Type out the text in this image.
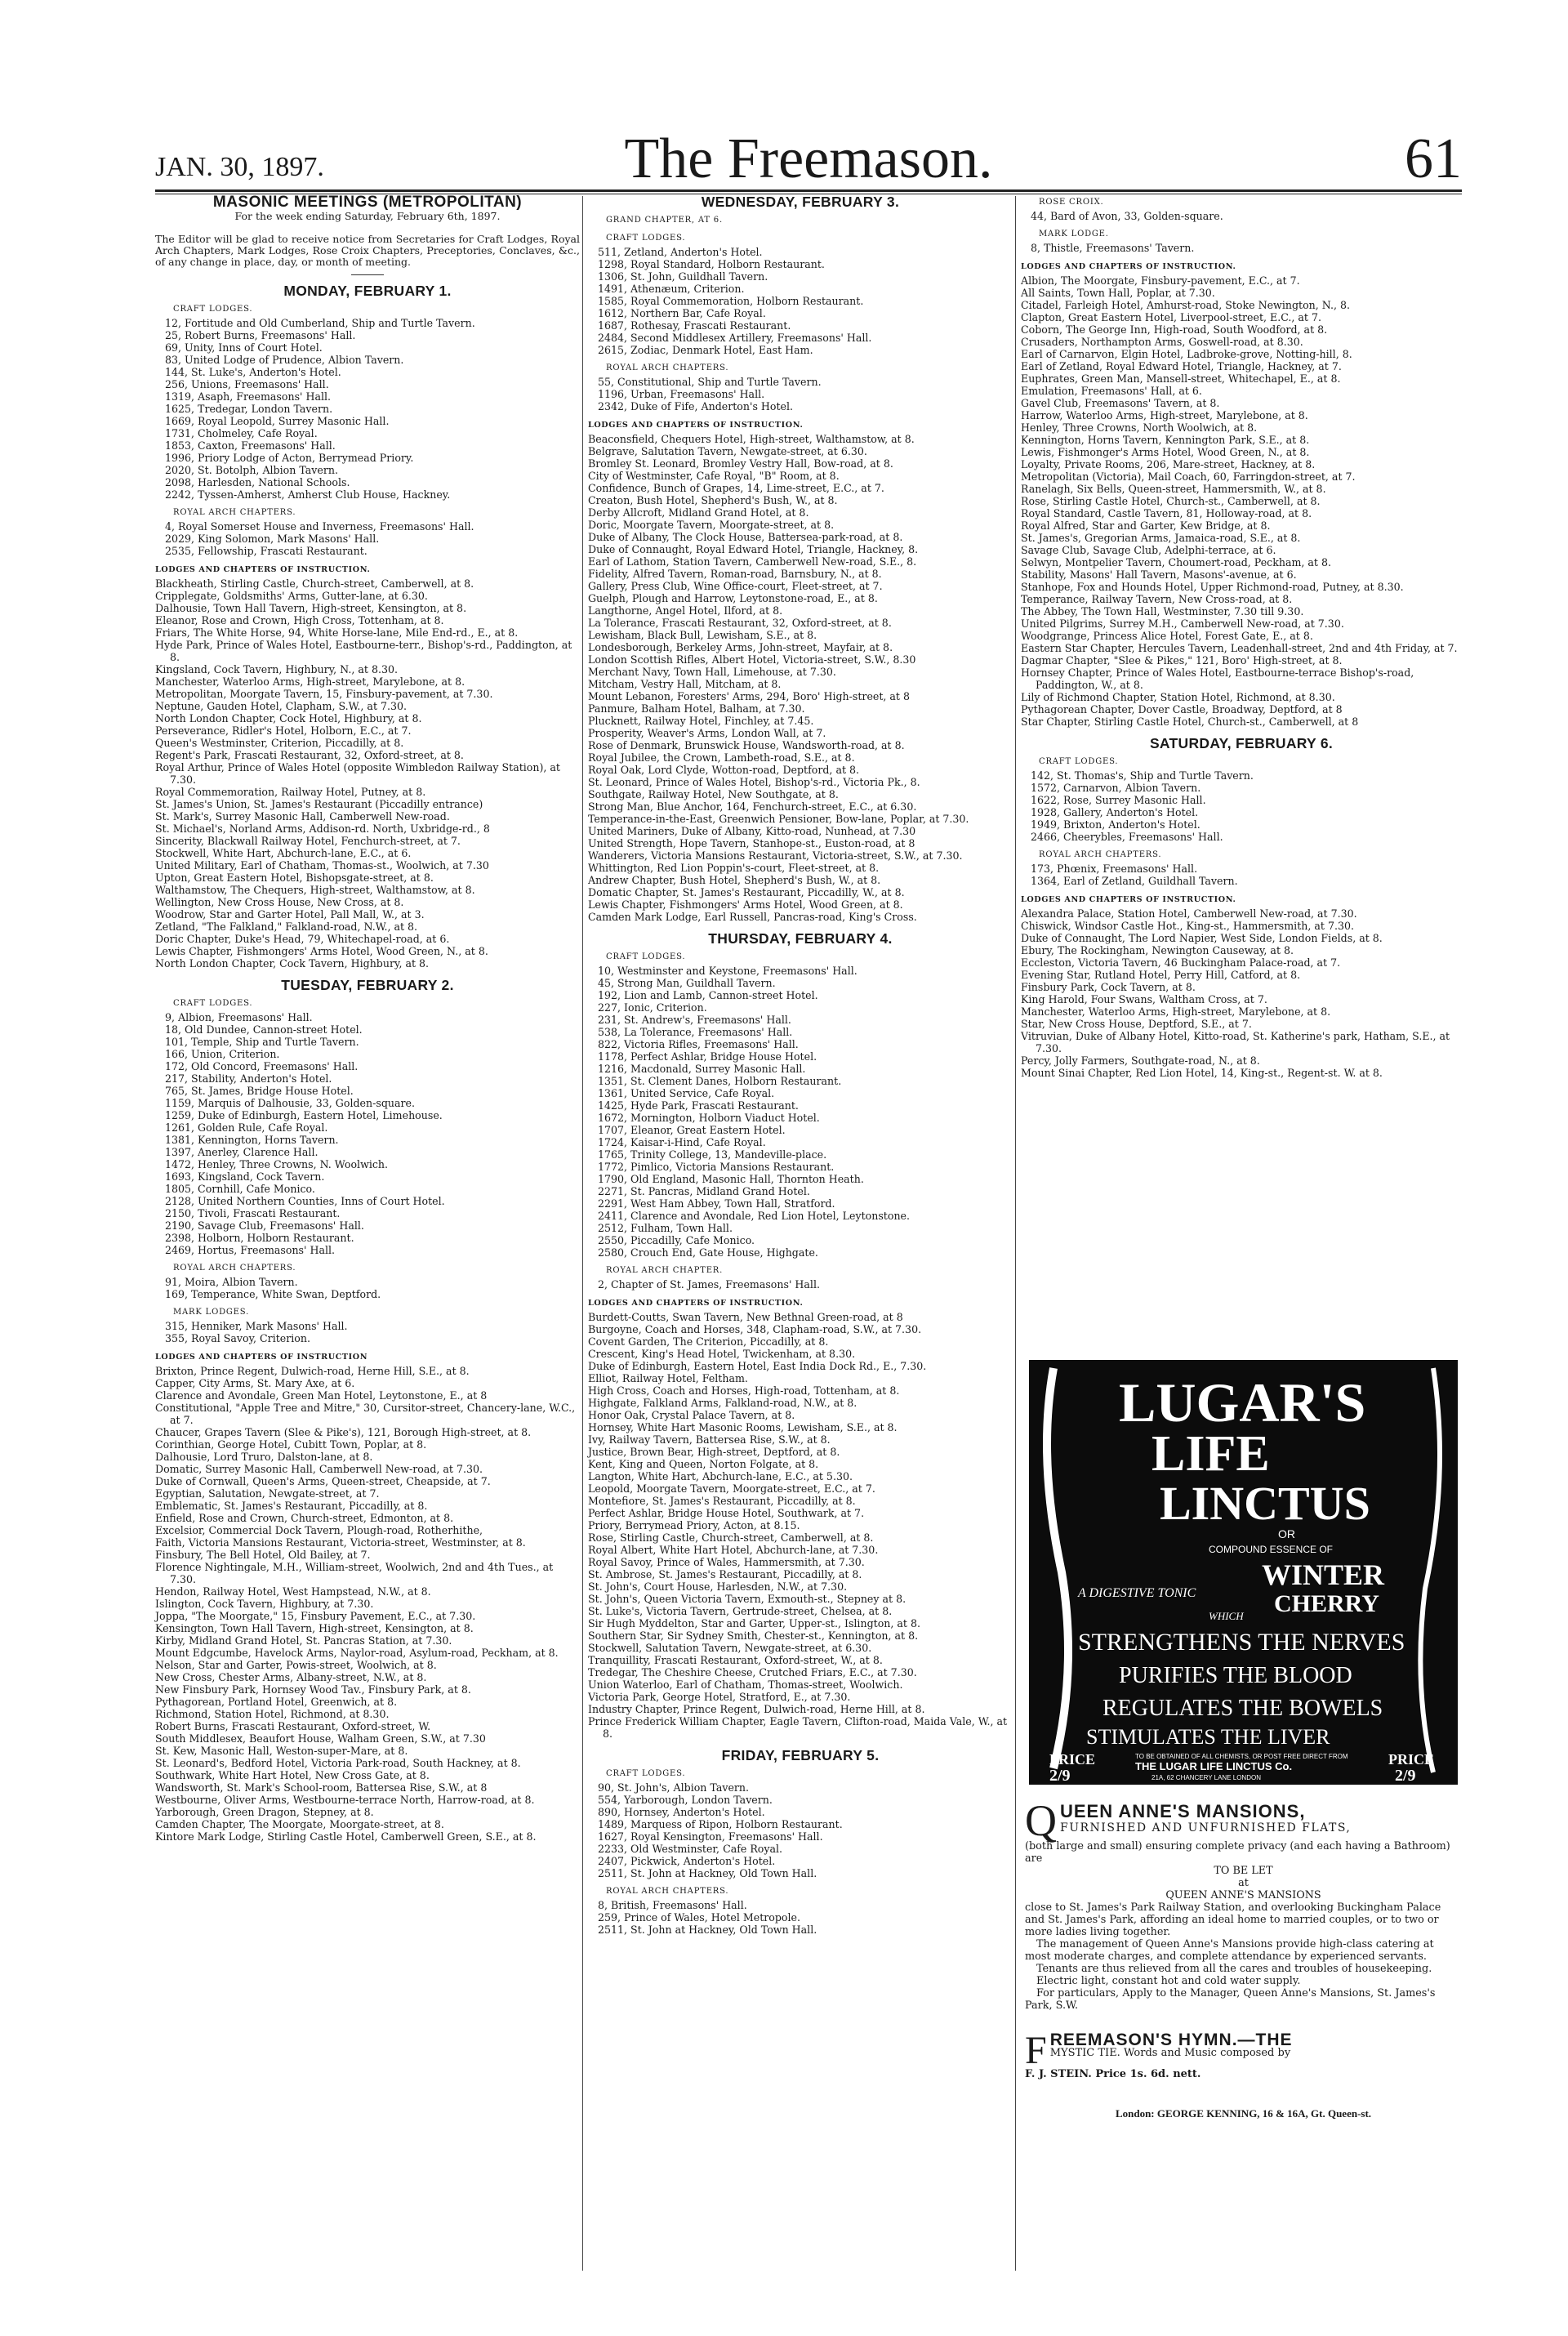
JAN. 30, 1897.	The Freemason.	61
MASONIC MEETINGS (METROPOLITAN)
For the week ending Saturday, February 6th, 1897.
The Editor will be glad to receive notice from Secretaries for Craft Lodges, Royal Arch Chapters, Mark Lodges, Rose Croix Chapters, Preceptories, Conclaves, &c., of any change in place, day, or month of meeting.
MONDAY, FEBRUARY 1.
CRAFT LODGES.
12, Fortitude and Old Cumberland, Ship and Turtle Tavern.
25, Robert Burns, Freemasons' Hall.
69, Unity, Inns of Court Hotel.
83, United Lodge of Prudence, Albion Tavern.
144, St. Luke's, Anderton's Hotel.
256, Unions, Freemasons' Hall.
1319, Asaph, Freemasons' Hall.
1625, Tredegar, London Tavern.
1669, Royal Leopold, Surrey Masonic Hall.
1731, Cholmeley, Cafe Royal.
1853, Caxton, Freemasons' Hall.
1996, Priory Lodge of Acton, Berrymead Priory.
2020, St. Botolph, Albion Tavern.
2098, Harlesden, National Schools.
2242, Tyssen-Amherst, Amherst Club House, Hackney.
ROYAL ARCH CHAPTERS.
4, Royal Somerset House and Inverness, Freemasons' Hall.
2029, King Solomon, Mark Masons' Hall.
2535, Fellowship, Frascati Restaurant.
LODGES AND CHAPTERS OF INSTRUCTION.
Blackheath, Stirling Castle, Church-street, Camberwell, at 8.
Cripplegate, Goldsmiths' Arms, Gutter-lane, at 6.30.
Dalhousie, Town Hall Tavern, High-street, Kensington, at 8.
Eleanor, Rose and Crown, High Cross, Tottenham, at 8.
Friars, The White Horse, 94, White Horse-lane, Mile End-rd., E., at 8.
Hyde Park, Prince of Wales Hotel, Eastbourne-terr., Bishop's-rd., Paddington, at 8.
Kingsland, Cock Tavern, Highbury, N., at 8.30.
Manchester, Waterloo Arms, High-street, Marylebone, at 8.
Metropolitan, Moorgate Tavern, 15, Finsbury-pavement, at 7.30.
Neptune, Gauden Hotel, Clapham, S.W., at 7.30.
North London Chapter, Cock Hotel, Highbury, at 8.
Perseverance, Ridler's Hotel, Holborn, E.C., at 7.
Queen's Westminster, Criterion, Piccadilly, at 8.
Regent's Park, Frascati Restaurant, 32, Oxford-street, at 8.
Royal Arthur, Prince of Wales Hotel (opposite Wimbledon Railway Station), at 7.30.
Royal Commemoration, Railway Hotel, Putney, at 8.
St. James's Union, St. James's Restaurant (Piccadilly entrance)
St. Mark's, Surrey Masonic Hall, Camberwell New-road.
St. Michael's, Norland Arms, Addison-rd. North, Uxbridge-rd., 8
Sincerity, Blackwall Railway Hotel, Fenchurch-street, at 7.
Stockwell, White Hart, Abchurch-lane, E.C., at 6.
United Military, Earl of Chatham, Thomas-st., Woolwich, at 7.30
Upton, Great Eastern Hotel, Bishopsgate-street, at 8.
Walthamstow, The Chequers, High-street, Walthamstow, at 8.
Wellington, New Cross House, New Cross, at 8.
Woodrow, Star and Garter Hotel, Pall Mall, W., at 3.
Zetland, "The Falkland," Falkland-road, N.W., at 8.
Doric Chapter, Duke's Head, 79, Whitechapel-road, at 6.
Lewis Chapter, Fishmongers' Arms Hotel, Wood Green, N., at 8.
North London Chapter, Cock Tavern, Highbury, at 8.
TUESDAY, FEBRUARY 2.
CRAFT LODGES.
9, Albion, Freemasons' Hall.
18, Old Dundee, Cannon-street Hotel.
101, Temple, Ship and Turtle Tavern.
166, Union, Criterion.
172, Old Concord, Freemasons' Hall.
217, Stability, Anderton's Hotel.
765, St. James, Bridge House Hotel.
1159, Marquis of Dalhousie, 33, Golden-square.
1259, Duke of Edinburgh, Eastern Hotel, Limehouse.
1261, Golden Rule, Cafe Royal.
1381, Kennington, Horns Tavern.
1397, Anerley, Clarence Hall.
1472, Henley, Three Crowns, N. Woolwich.
1693, Kingsland, Cock Tavern.
1805, Cornhill, Cafe Monico.
2128, United Northern Counties, Inns of Court Hotel.
2150, Tivoli, Frascati Restaurant.
2190, Savage Club, Freemasons' Hall.
2398, Holborn, Holborn Restaurant.
2469, Hortus, Freemasons' Hall.
ROYAL ARCH CHAPTERS.
91, Moira, Albion Tavern.
169, Temperance, White Swan, Deptford.
MARK LODGES.
315, Henniker, Mark Masons' Hall.
355, Royal Savoy, Criterion.
LODGES AND CHAPTERS OF INSTRUCTION
Brixton, Prince Regent, Dulwich-road, Herne Hill, S.E., at 8.
Capper, City Arms, St. Mary Axe, at 6.
Clarence and Avondale, Green Man Hotel, Leytonstone, E., at 8
Constitutional, "Apple Tree and Mitre," 30, Cursitor-street, Chancery-lane, W.C., at 7.
Chaucer, Grapes Tavern (Slee & Pike's), 121, Borough High-street, at 8.
Corinthian, George Hotel, Cubitt Town, Poplar, at 8.
Dalhousie, Lord Truro, Dalston-lane, at 8.
Domatic, Surrey Masonic Hall, Camberwell New-road, at 7.30.
Duke of Cornwall, Queen's Arms, Queen-street, Cheapside, at 7.
Egyptian, Salutation, Newgate-street, at 7.
Emblematic, St. James's Restaurant, Piccadilly, at 8.
Enfield, Rose and Crown, Church-street, Edmonton, at 8.
Excelsior, Commercial Dock Tavern, Plough-road, Rotherhithe,
Faith, Victoria Mansions Restaurant, Victoria-street, Westminster, at 8.
Finsbury, The Bell Hotel, Old Bailey, at 7.
Florence Nightingale, M.H., William-street, Woolwich, 2nd and 4th Tues., at 7.30.
Hendon, Railway Hotel, West Hampstead, N.W., at 8.
Islington, Cock Tavern, Highbury, at 7.30.
Joppa, "The Moorgate," 15, Finsbury Pavement, E.C., at 7.30.
Kensington, Town Hall Tavern, High-street, Kensington, at 8.
Kirby, Midland Grand Hotel, St. Pancras Station, at 7.30.
Mount Edgcumbe, Havelock Arms, Naylor-road, Asylum-road, Peckham, at 8.
Nelson, Star and Garter, Powis-street, Woolwich, at 8.
New Cross, Chester Arms, Albany-street, N.W., at 8.
New Finsbury Park, Hornsey Wood Tav., Finsbury Park, at 8.
Pythagorean, Portland Hotel, Greenwich, at 8.
Richmond, Station Hotel, Richmond, at 8.30.
Robert Burns, Frascati Restaurant, Oxford-street, W.
South Middlesex, Beaufort House, Walham Green, S.W., at 7.30
St. Kew, Masonic Hall, Weston-super-Mare, at 8.
St. Leonard's, Bedford Hotel, Victoria Park-road, South Hackney, at 8.
Southwark, White Hart Hotel, New Cross Gate, at 8.
Wandsworth, St. Mark's School-room, Battersea Rise, S.W., at 8
Westbourne, Oliver Arms, Westbourne-terrace North, Harrow-road, at 8.
Yarborough, Green Dragon, Stepney, at 8.
Camden Chapter, The Moorgate, Moorgate-street, at 8.
Kintore Mark Lodge, Stirling Castle Hotel, Camberwell Green, S.E., at 8.
WEDNESDAY, FEBRUARY 3.
GRAND CHAPTER, AT 6.
CRAFT LODGES.
511, Zetland, Anderton's Hotel.
1298, Royal Standard, Holborn Restaurant.
1306, St. John, Guildhall Tavern.
1491, Athenæum, Criterion.
1585, Royal Commemoration, Holborn Restaurant.
1612, Northern Bar, Cafe Royal.
1687, Rothesay, Frascati Restaurant.
2484, Second Middlesex Artillery, Freemasons' Hall.
2615, Zodiac, Denmark Hotel, East Ham.
ROYAL ARCH CHAPTERS.
55, Constitutional, Ship and Turtle Tavern.
1196, Urban, Freemasons' Hall.
2342, Duke of Fife, Anderton's Hotel.
LODGES AND CHAPTERS OF INSTRUCTION.
Beaconsfield, Chequers Hotel, High-street, Walthamstow, at 8.
Belgrave, Salutation Tavern, Newgate-street, at 6.30.
Bromley St. Leonard, Bromley Vestry Hall, Bow-road, at 8.
City of Westminster, Cafe Royal, "B" Room, at 8.
Confidence, Bunch of Grapes, 14, Lime-street, E.C., at 7.
Creaton, Bush Hotel, Shepherd's Bush, W., at 8.
Derby Allcroft, Midland Grand Hotel, at 8.
Doric, Moorgate Tavern, Moorgate-street, at 8.
Duke of Albany, The Clock House, Battersea-park-road, at 8.
Duke of Connaught, Royal Edward Hotel, Triangle, Hackney, 8.
Earl of Lathom, Station Tavern, Camberwell New-road, S.E., 8.
Fidelity, Alfred Tavern, Roman-road, Barnsbury, N., at 8.
Gallery, Press Club, Wine Office-court, Fleet-street, at 7.
Guelph, Plough and Harrow, Leytonstone-road, E., at 8.
Langthorne, Angel Hotel, Ilford, at 8.
La Tolerance, Frascati Restaurant, 32, Oxford-street, at 8.
Lewisham, Black Bull, Lewisham, S.E., at 8.
Londesborough, Berkeley Arms, John-street, Mayfair, at 8.
London Scottish Rifles, Albert Hotel, Victoria-street, S.W., 8.30
Merchant Navy, Town Hall, Limehouse, at 7.30.
Mitcham, Vestry Hall, Mitcham, at 8.
Mount Lebanon, Foresters' Arms, 294, Boro' High-street, at 8
Panmure, Balham Hotel, Balham, at 7.30.
Plucknett, Railway Hotel, Finchley, at 7.45.
Prosperity, Weaver's Arms, London Wall, at 7.
Rose of Denmark, Brunswick House, Wandsworth-road, at 8.
Royal Jubilee, the Crown, Lambeth-road, S.E., at 8.
Royal Oak, Lord Clyde, Wotton-road, Deptford, at 8.
St. Leonard, Prince of Wales Hotel, Bishop's-rd., Victoria Pk., 8.
Southgate, Railway Hotel, New Southgate, at 8.
Strong Man, Blue Anchor, 164, Fenchurch-street, E.C., at 6.30.
Temperance-in-the-East, Greenwich Pensioner, Bow-lane, Poplar, at 7.30.
United Mariners, Duke of Albany, Kitto-road, Nunhead, at 7.30
United Strength, Hope Tavern, Stanhope-st., Euston-road, at 8
Wanderers, Victoria Mansions Restaurant, Victoria-street, S.W., at 7.30.
Whittington, Red Lion Poppin's-court, Fleet-street, at 8.
Andrew Chapter, Bush Hotel, Shepherd's Bush, W., at 8.
Domatic Chapter, St. James's Restaurant, Piccadilly, W., at 8.
Lewis Chapter, Fishmongers' Arms Hotel, Wood Green, at 8.
Camden Mark Lodge, Earl Russell, Pancras-road, King's Cross.
THURSDAY, FEBRUARY 4.
CRAFT LODGES.
10, Westminster and Keystone, Freemasons' Hall.
45, Strong Man, Guildhall Tavern.
192, Lion and Lamb, Cannon-street Hotel.
227, Ionic, Criterion.
231, St. Andrew's, Freemasons' Hall.
538, La Tolerance, Freemasons' Hall.
822, Victoria Rifles, Freemasons' Hall.
1178, Perfect Ashlar, Bridge House Hotel.
1216, Macdonald, Surrey Masonic Hall.
1351, St. Clement Danes, Holborn Restaurant.
1361, United Service, Cafe Royal.
1425, Hyde Park, Frascati Restaurant.
1672, Mornington, Holborn Viaduct Hotel.
1707, Eleanor, Great Eastern Hotel.
1724, Kaisar-i-Hind, Cafe Royal.
1765, Trinity College, 13, Mandeville-place.
1772, Pimlico, Victoria Mansions Restaurant.
1790, Old England, Masonic Hall, Thornton Heath.
2271, St. Pancras, Midland Grand Hotel.
2291, West Ham Abbey, Town Hall, Stratford.
2411, Clarence and Avondale, Red Lion Hotel, Leytonstone.
2512, Fulham, Town Hall.
2550, Piccadilly, Cafe Monico.
2580, Crouch End, Gate House, Highgate.
ROYAL ARCH CHAPTER.
2, Chapter of St. James, Freemasons' Hall.
LODGES AND CHAPTERS OF INSTRUCTION.
Burdett-Coutts, Swan Tavern, New Bethnal Green-road, at 8
Burgoyne, Coach and Horses, 348, Clapham-road, S.W., at 7.30.
Covent Garden, The Criterion, Piccadilly, at 8.
Crescent, King's Head Hotel, Twickenham, at 8.30.
Duke of Edinburgh, Eastern Hotel, East India Dock Rd., E., 7.30.
Elliot, Railway Hotel, Feltham.
High Cross, Coach and Horses, High-road, Tottenham, at 8.
Highgate, Falkland Arms, Falkland-road, N.W., at 8.
Honor Oak, Crystal Palace Tavern, at 8.
Hornsey, White Hart Masonic Rooms, Lewisham, S.E., at 8.
Ivy, Railway Tavern, Battersea Rise, S.W., at 8.
Justice, Brown Bear, High-street, Deptford, at 8.
Kent, King and Queen, Norton Folgate, at 8.
Langton, White Hart, Abchurch-lane, E.C., at 5.30.
Leopold, Moorgate Tavern, Moorgate-street, E.C., at 7.
Montefiore, St. James's Restaurant, Piccadilly, at 8.
Perfect Ashlar, Bridge House Hotel, Southwark, at 7.
Priory, Berrymead Priory, Acton, at 8.15.
Rose, Stirling Castle, Church-street, Camberwell, at 8.
Royal Albert, White Hart Hotel, Abchurch-lane, at 7.30.
Royal Savoy, Prince of Wales, Hammersmith, at 7.30.
St. Ambrose, St. James's Restaurant, Piccadilly, at 8.
St. John's, Court House, Harlesden, N.W., at 7.30.
St. John's, Queen Victoria Tavern, Exmouth-st., Stepney at 8.
St. Luke's, Victoria Tavern, Gertrude-street, Chelsea, at 8.
Sir Hugh Myddelton, Star and Garter, Upper-st., Islington, at 8.
Southern Star, Sir Sydney Smith, Chester-st., Kennington, at 8.
Stockwell, Salutation Tavern, Newgate-street, at 6.30.
Tranquillity, Frascati Restaurant, Oxford-street, W., at 8.
Tredegar, The Cheshire Cheese, Crutched Friars, E.C., at 7.30.
Union Waterloo, Earl of Chatham, Thomas-street, Woolwich.
Victoria Park, George Hotel, Stratford, E., at 7.30.
Industry Chapter, Prince Regent, Dulwich-road, Herne Hill, at 8.
Prince Frederick William Chapter, Eagle Tavern, Clifton-road, Maida Vale, W., at 8.
FRIDAY, FEBRUARY 5.
CRAFT LODGES.
90, St. John's, Albion Tavern.
554, Yarborough, London Tavern.
890, Hornsey, Anderton's Hotel.
1489, Marquess of Ripon, Holborn Restaurant.
1627, Royal Kensington, Freemasons' Hall.
2233, Old Westminster, Cafe Royal.
2407, Pickwick, Anderton's Hotel.
2511, St. John at Hackney, Old Town Hall.
ROYAL ARCH CHAPTERS.
8, British, Freemasons' Hall.
259, Prince of Wales, Hotel Metropole.
2511, St. John at Hackney, Old Town Hall.
ROSE CROIX.
44, Bard of Avon, 33, Golden-square.
MARK LODGE.
8, Thistle, Freemasons' Tavern.
LODGES AND CHAPTERS OF INSTRUCTION.
Albion, The Moorgate, Finsbury-pavement, E.C., at 7.
All Saints, Town Hall, Poplar, at 7.30.
Citadel, Farleigh Hotel, Amhurst-road, Stoke Newington, N., 8.
Clapton, Great Eastern Hotel, Liverpool-street, E.C., at 7.
Coborn, The George Inn, High-road, South Woodford, at 8.
Crusaders, Northampton Arms, Goswell-road, at 8.30.
Earl of Carnarvon, Elgin Hotel, Ladbroke-grove, Notting-hill, 8.
Earl of Zetland, Royal Edward Hotel, Triangle, Hackney, at 7.
Euphrates, Green Man, Mansell-street, Whitechapel, E., at 8.
Emulation, Freemasons' Hall, at 6.
Gavel Club, Freemasons' Tavern, at 8.
Harrow, Waterloo Arms, High-street, Marylebone, at 8.
Henley, Three Crowns, North Woolwich, at 8.
Kennington, Horns Tavern, Kennington Park, S.E., at 8.
Lewis, Fishmonger's Arms Hotel, Wood Green, N., at 8.
Loyalty, Private Rooms, 206, Mare-street, Hackney, at 8.
Metropolitan (Victoria), Mail Coach, 60, Farringdon-street, at 7.
Ranelagh, Six Bells, Queen-street, Hammersmith, W., at 8.
Rose, Stirling Castle Hotel, Church-st., Camberwell, at 8.
Royal Standard, Castle Tavern, 81, Holloway-road, at 8.
Royal Alfred, Star and Garter, Kew Bridge, at 8.
St. James's, Gregorian Arms, Jamaica-road, S.E., at 8.
Savage Club, Savage Club, Adelphi-terrace, at 6.
Selwyn, Montpelier Tavern, Choumert-road, Peckham, at 8.
Stability, Masons' Hall Tavern, Masons'-avenue, at 6.
Stanhope, Fox and Hounds Hotel, Upper Richmond-road, Putney, at 8.30.
Temperance, Railway Tavern, New Cross-road, at 8.
The Abbey, The Town Hall, Westminster, 7.30 till 9.30.
United Pilgrims, Surrey M.H., Camberwell New-road, at 7.30.
Woodgrange, Princess Alice Hotel, Forest Gate, E., at 8.
Eastern Star Chapter, Hercules Tavern, Leadenhall-street, 2nd and 4th Friday, at 7.
Dagmar Chapter, "Slee & Pikes," 121, Boro' High-street, at 8.
Hornsey Chapter, Prince of Wales Hotel, Eastbourne-terrace Bishop's-road, Paddington, W., at 8.
Lily of Richmond Chapter, Station Hotel, Richmond, at 8.30.
Pythagorean Chapter, Dover Castle, Broadway, Deptford, at 8
Star Chapter, Stirling Castle Hotel, Church-st., Camberwell, at 8
SATURDAY, FEBRUARY 6.
CRAFT LODGES.
142, St. Thomas's, Ship and Turtle Tavern.
1572, Carnarvon, Albion Tavern.
1622, Rose, Surrey Masonic Hall.
1928, Gallery, Anderton's Hotel.
1949, Brixton, Anderton's Hotel.
2466, Cheerybles, Freemasons' Hall.
ROYAL ARCH CHAPTERS.
173, Phœnix, Freemasons' Hall.
1364, Earl of Zetland, Guildhall Tavern.
LODGES AND CHAPTERS OF INSTRUCTION.
Alexandra Palace, Station Hotel, Camberwell New-road, at 7.30.
Chiswick, Windsor Castle Hot., King-st., Hammersmith, at 7.30.
Duke of Connaught, The Lord Napier, West Side, London Fields, at 8.
Ebury, The Rockingham, Newington Causeway, at 8.
Eccleston, Victoria Tavern, 46 Buckingham Palace-road, at 7.
Evening Star, Rutland Hotel, Perry Hill, Catford, at 8.
Finsbury Park, Cock Tavern, at 8.
King Harold, Four Swans, Waltham Cross, at 7.
Manchester, Waterloo Arms, High-street, Marylebone, at 8.
Star, New Cross House, Deptford, S.E., at 7.
Vitruvian, Duke of Albany Hotel, Kitto-road, St. Katherine's park, Hatham, S.E., at 7.30.
Percy, Jolly Farmers, Southgate-road, N., at 8.
Mount Sinai Chapter, Red Lion Hotel, 14, King-st., Regent-st. W. at 8.
LUGAR'S
LIFE
LINCTUS
OR
COMPOUND ESSENCE OF
WINTER
CHERRY
A DIGESTIVE TONIC
WHICH
STRENGTHENS THE NERVES
PURIFIES THE BLOOD
REGULATES THE BOWELS
STIMULATES THE LIVER
PRICE
2/9
TO BE OBTAINED OF ALL CHEMISTS, OR POST FREE DIRECT FROM
THE LUGAR LIFE LINCTUS Co.
21A, 62 CHANCERY LANE LONDON
PRICE
2/9
Q UEEN ANNE'S MANSIONS,
FURNISHED AND UNFURNISHED FLATS,
(both large and small) ensuring complete privacy (and each having a Bathroom) are
TO BE LET
at
QUEEN ANNE'S MANSIONS
close to St. James's Park Railway Station, and overlooking Buckingham Palace and St. James's Park, affording an ideal home to married couples, or to two or more ladies living together.
The management of Queen Anne's Mansions provide high-class catering at most moderate charges, and complete attendance by experienced servants.
Tenants are thus relieved from all the cares and troubles of housekeeping.
Electric light, constant hot and cold water supply.
For particulars, Apply to the Manager, Queen Anne's Mansions, St. James's Park, S.W.
F REEMASON'S HYMN.—THE
MYSTIC TIE. Words and Music composed by
F. J. STEIN. Price 1s. 6d. nett.
London: GEORGE KENNING, 16 & 16A, Gt. Queen-st.
